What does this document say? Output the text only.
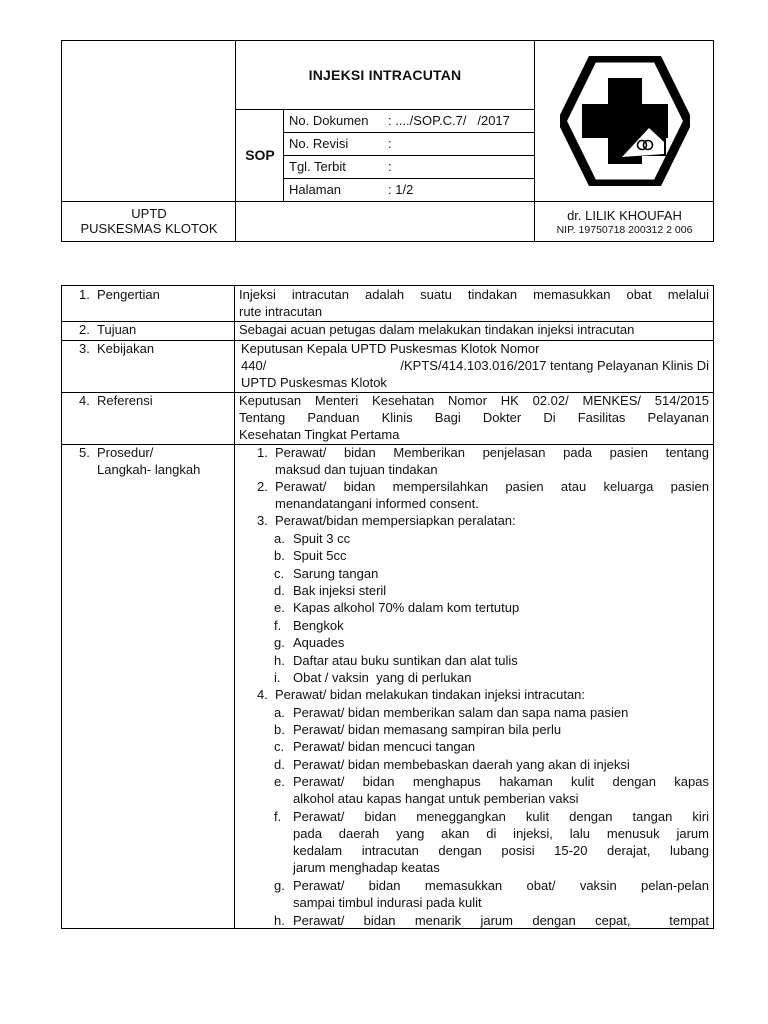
INJEKSI INTRACUTAN
SOP
No. Dokumen : ..../SOP.C.7/   /2017
No. Revisi	:
Tgl. Terbit	:
Halaman	: 1/2
UPTD
PUSKESMAS KLOTOK
dr. LILIK KHOUFAH
NIP. 19750718 200312 2 006
1. Pengertian	Injeksi intracutan adalah suatu tindakan memasukkan obat melalui
rute intracutan
2. Tujuan	Sebagai acuan petugas dalam melakukan tindakan injeksi intracutan
3. Kebijakan	Keputusan Kepala UPTD Puskesmas Klotok Nomor
440/	/KPTS/414.103.016/2017 tentang Pelayanan Klinis Di
UPTD Puskesmas Klotok
4. Referensi	Keputusan Menteri Kesehatan Nomor HK 02.02/ MENKES/ 514/2015
Tentang Panduan Klinis Bagi Dokter Di Fasilitas Pelayanan
Kesehatan Tingkat Pertama
5. Prosedur/
Langkah- langkah
1. Perawat/ bidan Memberikan penjelasan pada pasien tentang
maksud dan tujuan tindakan
2. Perawat/ bidan mempersilahkan pasien atau keluarga pasien
menandatangani informed consent.
3. Perawat/bidan mempersiapkan peralatan:
a. Spuit 3 cc
b. Spuit 5cc
c. Sarung tangan
d. Bak injeksi steril
e. Kapas alkohol 70% dalam kom tertutup
f. Bengkok
g. Aquades
h. Daftar atau buku suntikan dan alat tulis
i. Obat / vaksin  yang di perlukan
4. Perawat/ bidan melakukan tindakan injeksi intracutan:
a. Perawat/ bidan memberikan salam dan sapa nama pasien
b. Perawat/ bidan memasang sampiran bila perlu
c. Perawat/ bidan mencuci tangan
d. Perawat/ bidan membebaskan daerah yang akan di injeksi
e. Perawat/ bidan menghapus hakaman kulit dengan kapas
alkohol atau kapas hangat untuk pemberian vaksi
f. Perawat/ bidan meneggangkan kulit dengan tangan kiri
pada daerah yang akan di injeksi, lalu menusuk jarum
kedalam intracutan dengan posisi 15-20 derajat, lubang
jarum menghadap keatas
g. Perawat/ bidan memasukkan obat/ vaksin pelan-pelan
sampai timbul indurasi pada kulit
h. Perawat/ bidan menarik jarum dengan cepat,  tempat
